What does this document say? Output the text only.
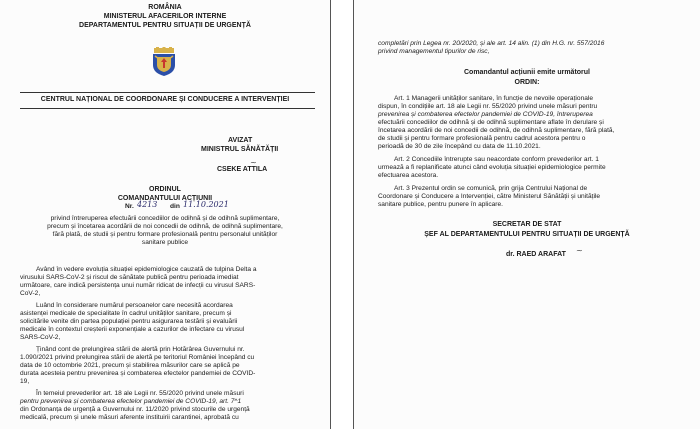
ROMÂNIA
MINISTERUL AFACERILOR INTERNE
DEPARTAMENTUL PENTRU SITUAȚII DE URGENȚĂ
CENTRUL NAȚIONAL DE COORDONARE ȘI CONDUCERE A INTERVENȚIEI
AVIZAT
MINISTRUL SĂNĂTĂȚII
CSEKE ATTILA
~
ORDINUL
COMANDANTULUI ACȚIUNII
Nr. 4213 din 11.10.2021
privind întreruperea efectuării concediilor de odihnă și de odihnă suplimentare,
precum și încetarea acordării de noi concedii de odihnă, de odihnă suplimentare,
fără plată, de studii și pentru formare profesională pentru personalul unităților
sanitare publice
Având în vedere evoluția situației epidemiologice cauzată de tulpina Delta a
virusului SARS-CoV-2 și riscul de sănătate publică pentru perioada imediat
următoare, care indică persistența unui număr ridicat de infecții cu virusul SARS-
CoV-2,
Luând în considerare numărul persoanelor care necesită acordarea
asistenței medicale de specialitate în cadrul unităților sanitare, precum și
solicitările venite din partea populației pentru asigurarea testării și evaluării
medicale în contextul creșterii exponențiale a cazurilor de infectare cu virusul
SARS-CoV-2,
Ținând cont de prelungirea stării de alertă prin Hotărârea Guvernului nr.
1.090/2021 privind prelungirea stării de alertă pe teritoriul României începând cu
data de 10 octombrie 2021, precum și stabilirea măsurilor care se aplică pe
durata acesteia pentru prevenirea și combaterea efectelor pandemiei de COVID-
19,
În temeiul prevederilor art. 18 ale Legii nr. 55/2020 privind unele măsuri
pentru prevenirea și combaterea efectelor pandemiei de COVID-19, art. 7^1
din Ordonanța de urgență a Guvernului nr. 11/2020 privind stocurile de urgență
medicală, precum și unele măsuri aferente instituirii carantinei, aprobată cu
completări prin Legea nr. 20/2020, și ale art. 14 alin. (1) din H.G. nr. 557/2016
privind managementul tipurilor de risc,
Comandantul acțiunii emite următorul
ORDIN:
Art. 1 Managerii unităților sanitare, în funcție de nevoile operaționale
dispun, în condițiile art. 18 ale Legii nr. 55/2020 privind unele măsuri pentru
prevenirea și combaterea efectelor pandemiei de COVID-19, întreruperea
efectuării concediilor de odihnă și de odihnă suplimentare aflate în derulare și
încetarea acordării de noi concedii de odihnă, de odihnă suplimentare, fără plată,
de studii și pentru formare profesională pentru cadrul acestora pentru o
perioadă de 30 de zile începând cu data de 11.10.2021.
Art. 2 Concediile întrerupte sau neacordate conform prevederilor art. 1
urmează a fi replanificate atunci când evoluția situației epidemiologice permite
efectuarea acestora.
Art. 3 Prezentul ordin se comunică, prin grija Centrului Național de
Coordonare și Conducere a Intervenției, către Ministerul Sănătății și unitățile
sanitare publice, pentru punere în aplicare.
SECRETAR DE STAT
ȘEF AL DEPARTAMENTULUI PENTRU SITUAȚII DE URGENȚĂ
dr. RAED ARAFAT ~
